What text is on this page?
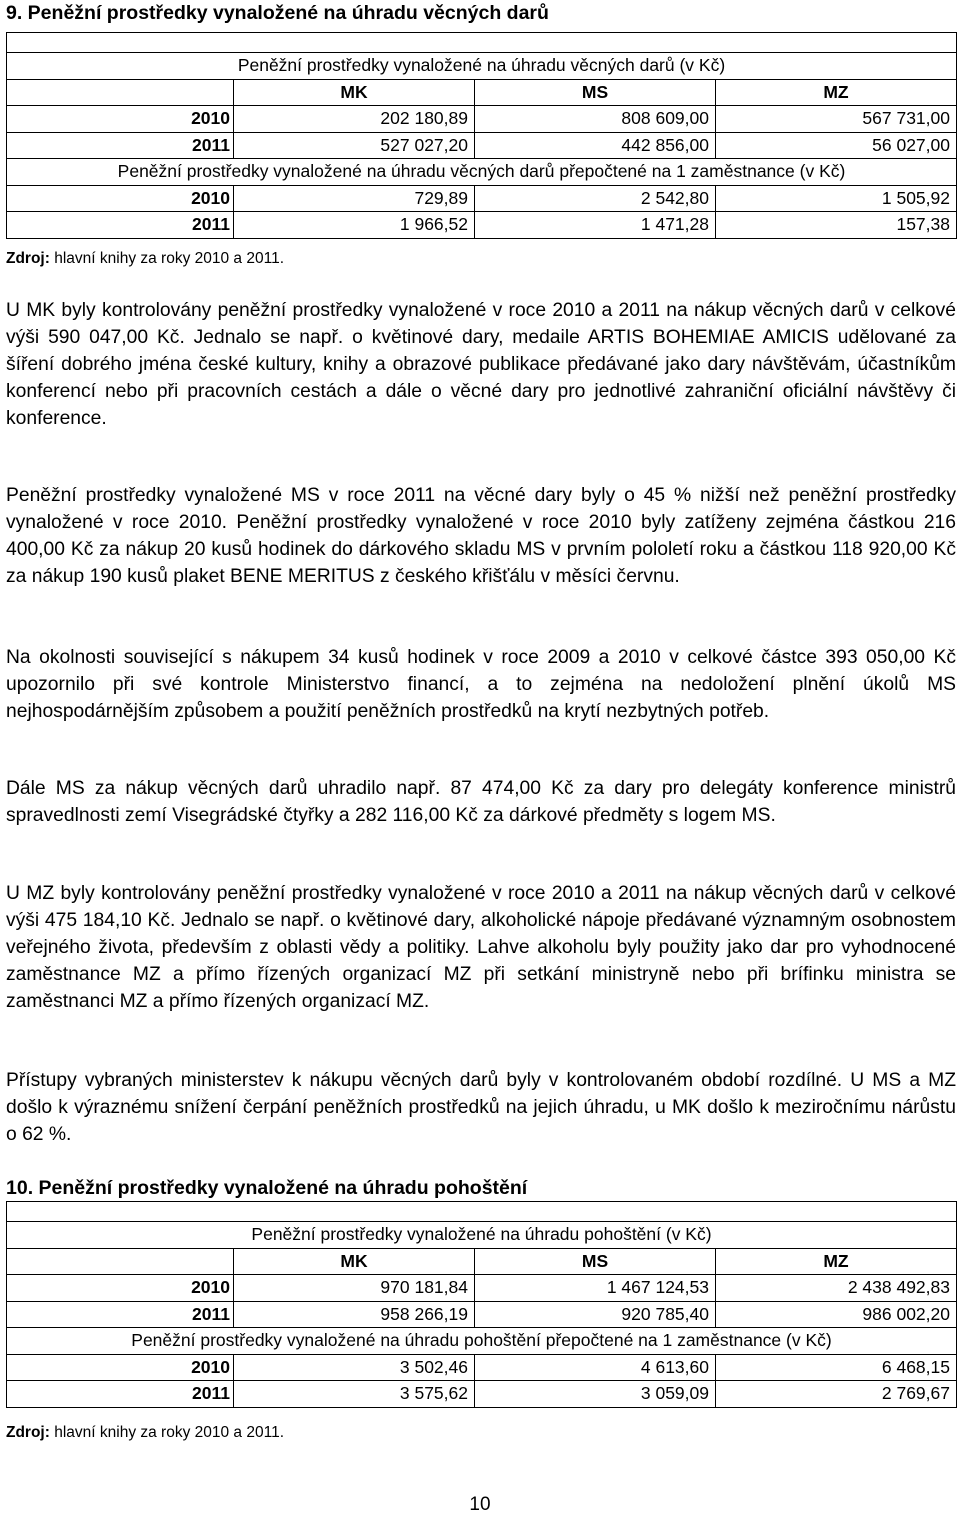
9. Peněžní prostředky vynaložené na úhradu věcných darů

Peněžní prostředky vynaložené na úhradu věcných darů (v Kč)			
	MK	MS	MZ
2010	202 180,89	808 609,00	567 731,00
2011	527 027,20	442 856,00	56 027,00
Peněžní prostředky vynaložené na úhradu věcných darů přepočtené na 1 zaměstnance (v Kč)			
2010	729,89	2 542,80	1 505,92
2011	1 966,52	1 471,28	157,38
Zdroj: hlavní knihy za roky 2010 a 2011.

U MK byly kontrolovány peněžní prostředky vynaložené v roce 2010 a 2011 na nákup věcných darů v celkové výši 590 047,00 Kč. Jednalo se např. o květinové dary, medaile ARTIS BOHEMIAE AMICIS udělované za šíření dobrého jména české kultury, knihy a obrazové publikace předávané jako dary návštěvám, účastníkům konferencí nebo při pracovních cestách a dále o věcné dary pro jednotlivé zahraniční oficiální návštěvy či konference.

Peněžní prostředky vynaložené MS v roce 2011 na věcné dary byly o 45 % nižší než peněžní prostředky vynaložené v roce 2010. Peněžní prostředky vynaložené v roce 2010 byly zatíženy zejména částkou 216 400,00 Kč za nákup 20 kusů hodinek do dárkového skladu MS v prvním pololetí roku a částkou 118 920,00 Kč za nákup 190 kusů plaket BENE MERITUS z českého křišťálu v měsíci červnu.

Na okolnosti související s nákupem 34 kusů hodinek v roce 2009 a 2010 v celkové částce 393 050,00 Kč upozornilo při své kontrole Ministerstvo financí, a to zejména na nedoložení plnění úkolů MS nejhospodárnějším způsobem a použití peněžních prostředků na krytí nezbytných potřeb.

Dále MS za nákup věcných darů uhradilo např. 87 474,00 Kč za dary pro delegáty konference ministrů spravedlnosti zemí Visegrádské čtyřky a 282 116,00 Kč za dárkové předměty s logem MS.

U MZ byly kontrolovány peněžní prostředky vynaložené v roce 2010 a 2011 na nákup věcných darů v celkové výši 475 184,10 Kč. Jednalo se např. o květinové dary, alkoholické nápoje předávané významným osobnostem veřejného života, především z oblasti vědy a politiky. Lahve alkoholu byly použity jako dar pro vyhodnocené zaměstnance MZ a přímo řízených organizací MZ při setkání ministryně nebo při brífinku ministra se zaměstnanci MZ a přímo řízených organizací MZ.

Přístupy vybraných ministerstev k nákupu věcných darů byly v kontrolovaném období rozdílné. U MS a MZ došlo k výraznému snížení čerpání peněžních prostředků na jejich úhradu, u MK došlo k meziročnímu nárůstu o 62 %.

10. Peněžní prostředky vynaložené na úhradu pohoštění

Peněžní prostředky vynaložené na úhradu pohoštění (v Kč)			
	MK	MS	MZ
2010	970 181,84	1 467 124,53	2 438 492,83
2011	958 266,19	920 785,40	986 002,20
Peněžní prostředky vynaložené na úhradu pohoštění přepočtené na 1 zaměstnance (v Kč)			
2010	3 502,46	4 613,60	6 468,15
2011	3 575,62	3 059,09	2 769,67
Zdroj: hlavní knihy za roky 2010 a 2011.
10
